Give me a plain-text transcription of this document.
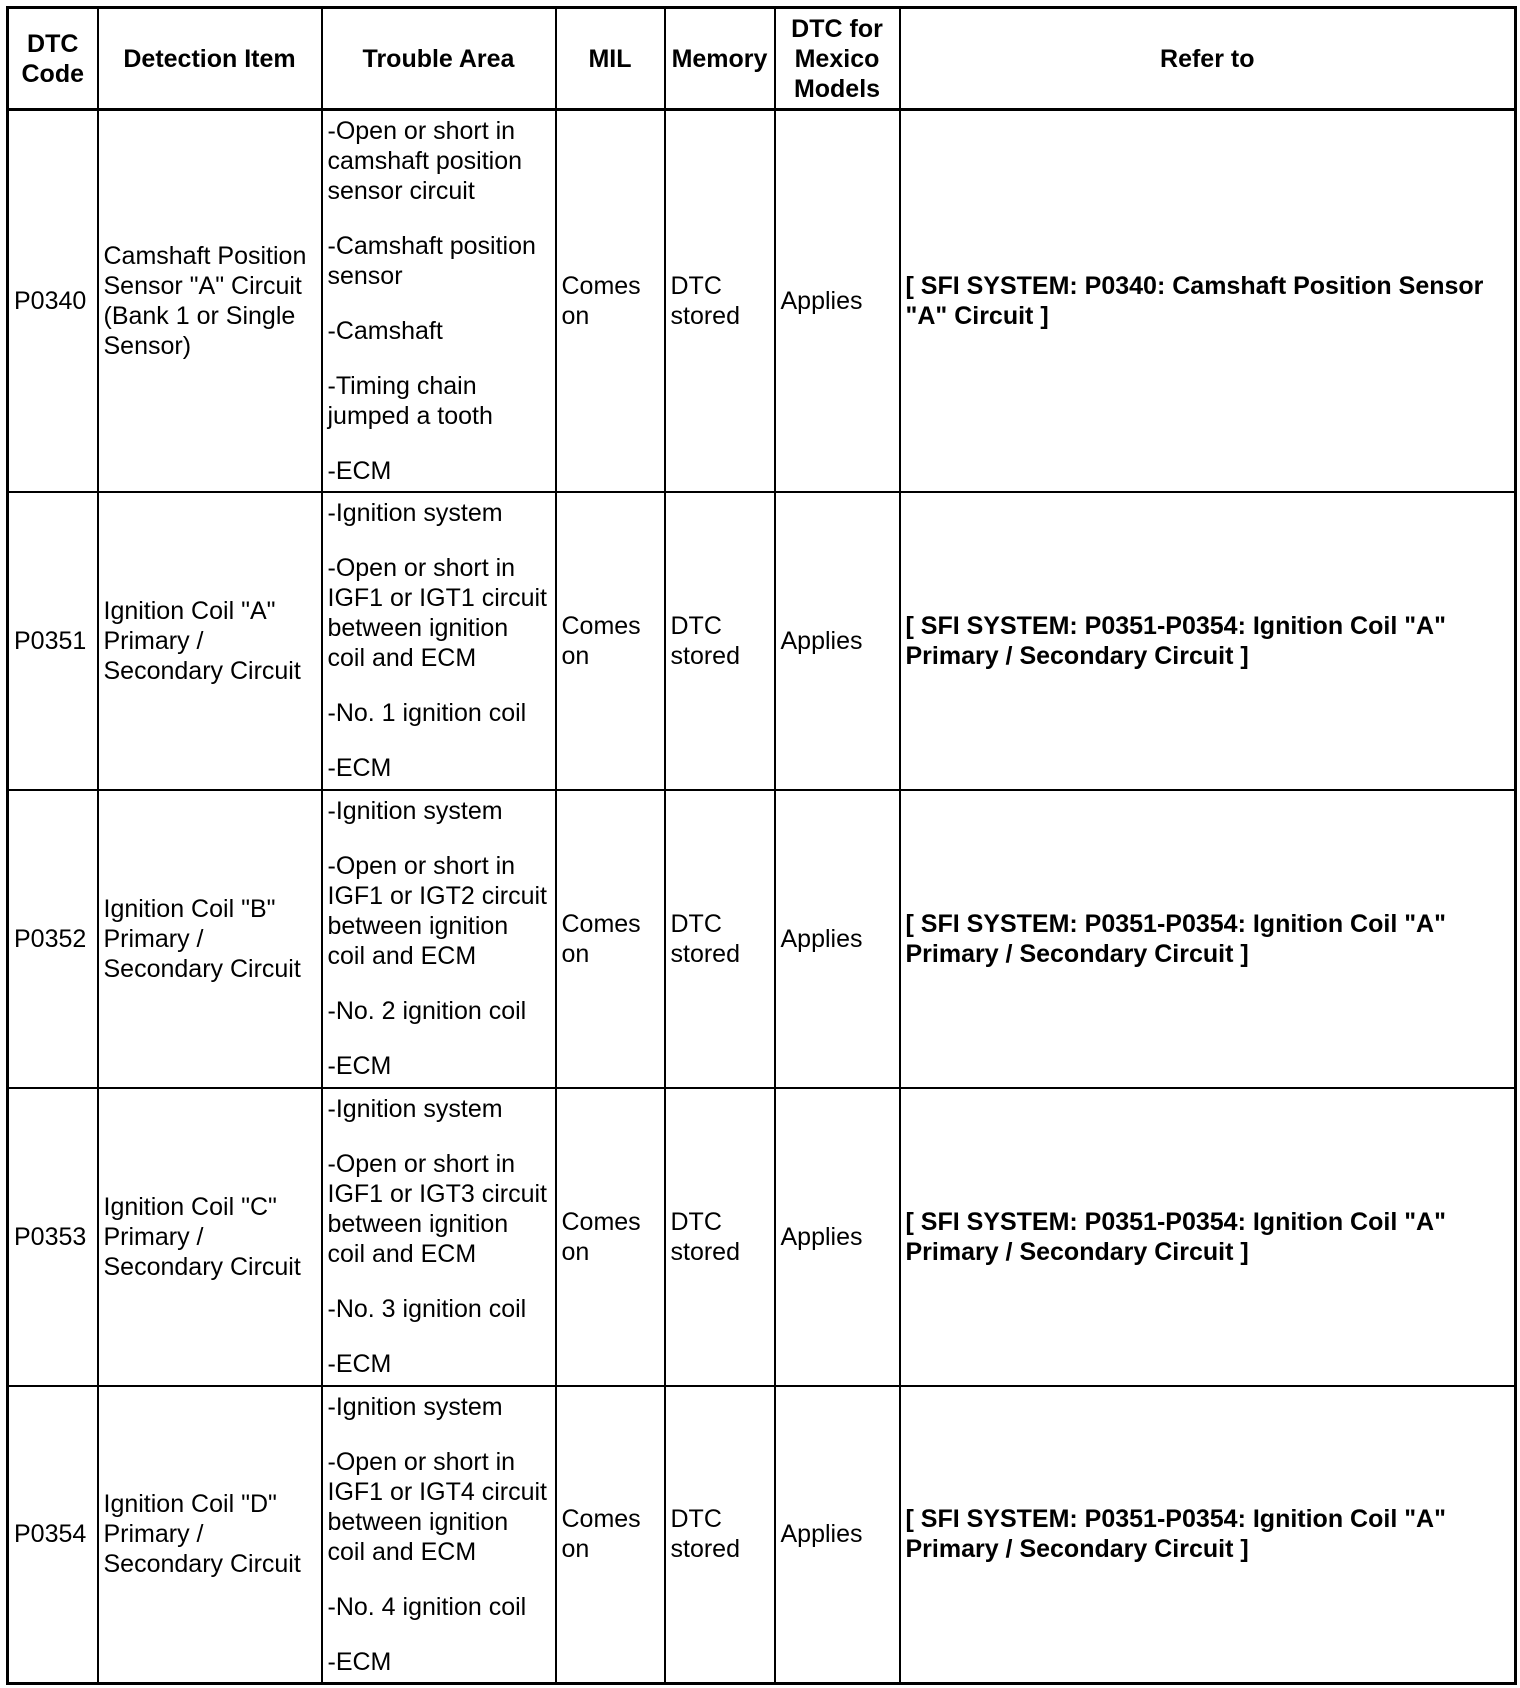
DTC Code	Detection Item	Trouble Area	MIL	Memory	DTC for Mexico Models	Refer to
P0340	Camshaft Position Sensor "A" Circuit (Bank 1 or Single Sensor)	-Open or short in camshaft position sensor circuit
-Camshaft position sensor
-Camshaft
-Timing chain jumped a tooth
-ECM	Comes on	DTC stored	Applies	[ SFI SYSTEM: P0340: Camshaft Position Sensor "A" Circuit ]
P0351	Ignition Coil "A" Primary / Secondary Circuit	-Ignition system
-Open or short in IGF1 or IGT1 circuit between ignition coil and ECM
-No. 1 ignition coil
-ECM	Comes on	DTC stored	Applies	[ SFI SYSTEM: P0351-P0354: Ignition Coil "A" Primary / Secondary Circuit ]
P0352	Ignition Coil "B" Primary / Secondary Circuit	-Ignition system
-Open or short in IGF1 or IGT2 circuit between ignition coil and ECM
-No. 2 ignition coil
-ECM	Comes on	DTC stored	Applies	[ SFI SYSTEM: P0351-P0354: Ignition Coil "A" Primary / Secondary Circuit ]
P0353	Ignition Coil "C" Primary / Secondary Circuit	-Ignition system
-Open or short in IGF1 or IGT3 circuit between ignition coil and ECM
-No. 3 ignition coil
-ECM	Comes on	DTC stored	Applies	[ SFI SYSTEM: P0351-P0354: Ignition Coil "A" Primary / Secondary Circuit ]
P0354	Ignition Coil "D" Primary / Secondary Circuit	-Ignition system
-Open or short in IGF1 or IGT4 circuit between ignition coil and ECM
-No. 4 ignition coil
-ECM	Comes on	DTC stored	Applies	[ SFI SYSTEM: P0351-P0354: Ignition Coil "A" Primary / Secondary Circuit ]
